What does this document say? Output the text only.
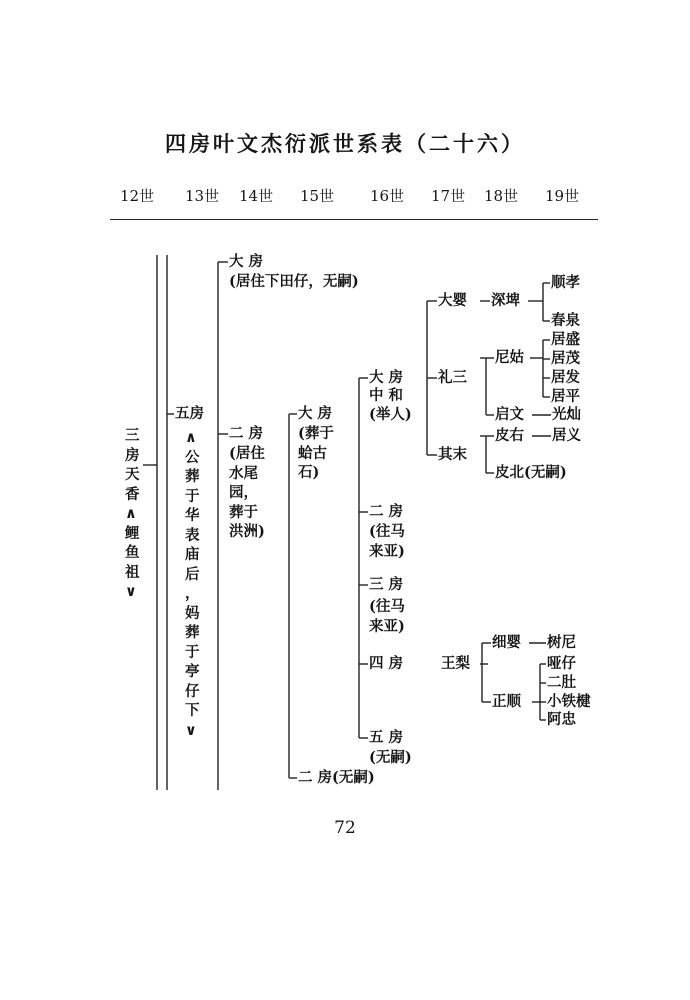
四房叶文杰衍派世系表（二十六）
12世 13世 14世 15世 16世 17世 18世 19世
三
房
天
香
∧
鲤
鱼
祖
∨
五房
∧
公
葬
于
华
表
庙
后
，
妈
葬
于
亭
仔
下
∨
大 房
(居住下田仔，无嗣)
二 房
(居住
水尾
园，
葬于
洪洲)
大 房
(葬于
蛤古
石)
二 房(无嗣)
大 房
中 和
(举人)
二 房
(往马
来亚)
三 房
(往马
来亚)
四 房
五 房
(无嗣)
大婴
礼三
其末
王梨
深埤
尼姑
启文
皮右
皮北(无嗣)
细婴
正顺
顺孝
春泉
居盛
居茂
居发
居平
光灿
居义
树尼
哑仔
二肚
小铁楗
阿忠
72
